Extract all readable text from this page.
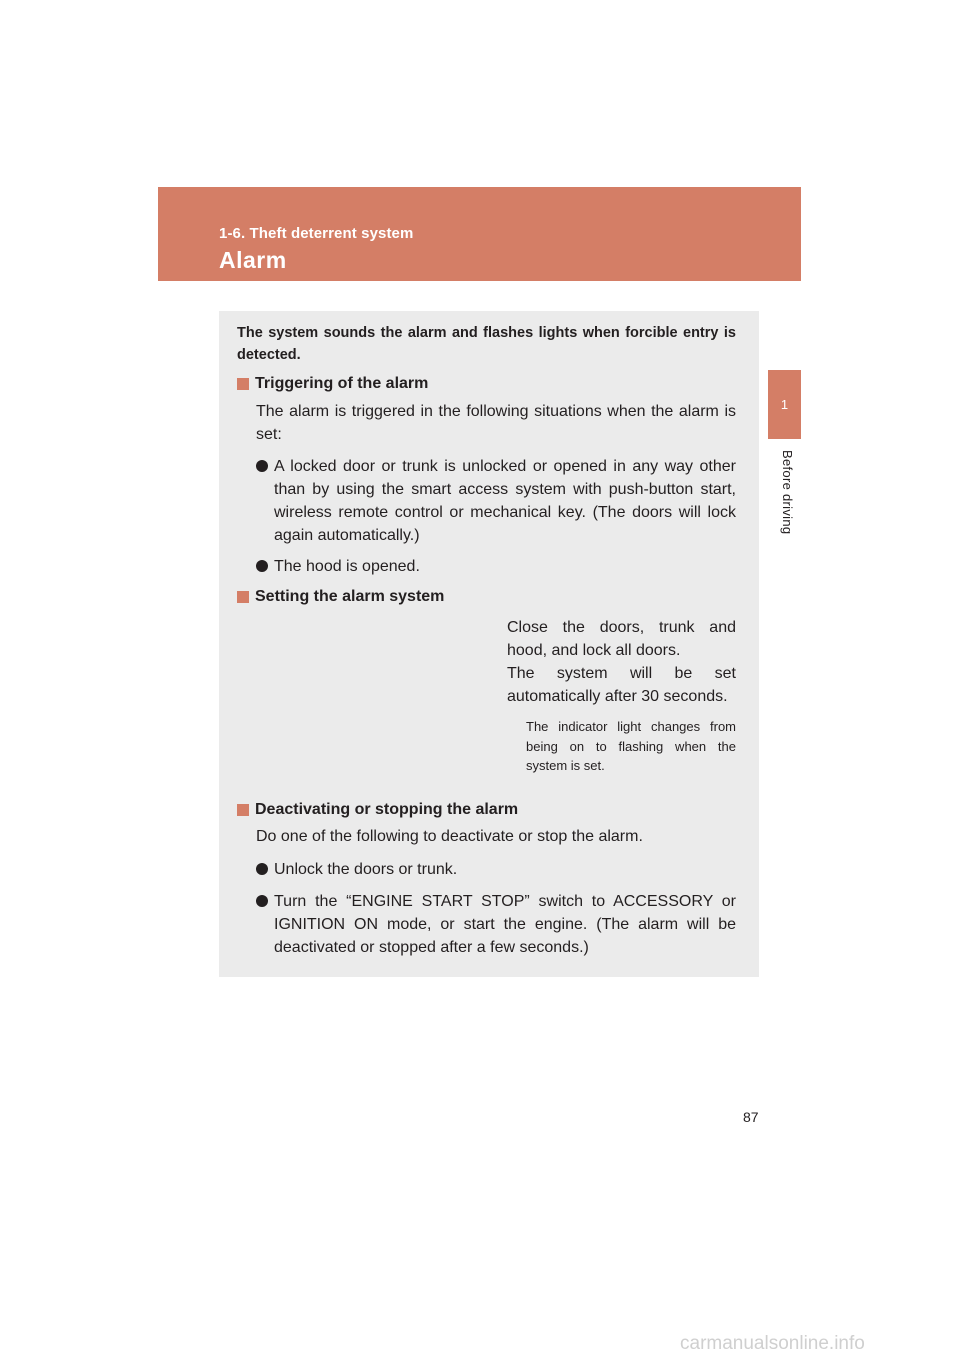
1-6. Theft deterrent system
Alarm
1
Before driving
The system sounds the alarm and flashes lights when forcible entry is detected.
Triggering of the alarm
The alarm is triggered in the following situations when the alarm is set:
A locked door or trunk is unlocked or opened in any way other than by using the smart access system with push-button start, wireless remote control or mechanical key. (The doors will lock again automatically.)
The hood is opened.
Setting the alarm system
Close the doors, trunk and hood, and lock all doors.
The system will be set automatically after 30 seconds.
The indicator light changes from being on to flashing when the system is set.
Deactivating or stopping the alarm
Do one of the following to deactivate or stop the alarm.
Unlock the doors or trunk.
Turn the “ENGINE START STOP” switch to ACCESSORY or IGNITION ON mode, or start the engine. (The alarm will be deactivated or stopped after a few seconds.)
87
carmanualsonline.info
